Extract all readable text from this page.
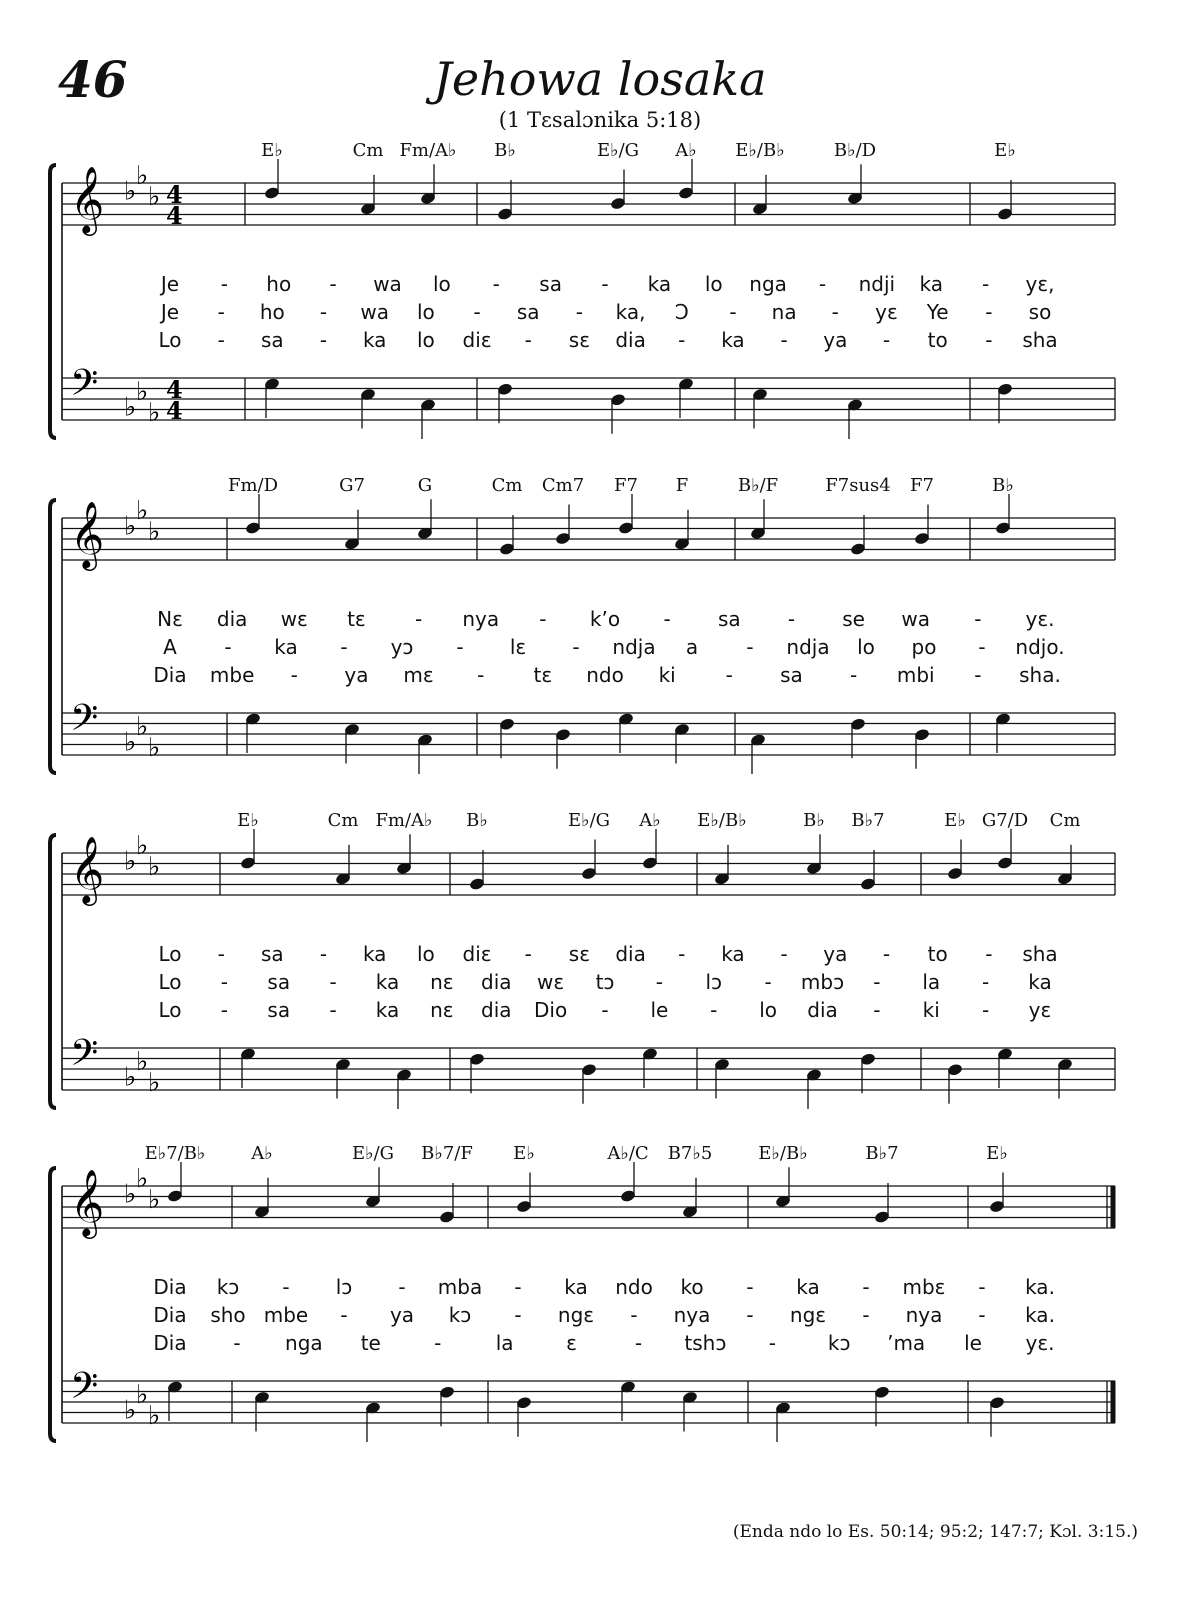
46	Jehowa losaka
(1 Tɛsalɔnika 5:18)
E♭	Cm Fm/A♭ B♭	E♭/G A♭ E♭/B♭	B♭/D	E♭
𝄞 ♭
♭
♭ 4
4
𝄢 ♭
♭
♭
4
4
Je - ho - wa lo - sa - ka lo nga - ndji ka - yɛ,
Je - ho - wa lo - sa - ka, Ɔ - na - yɛ Ye - so
Lo - sa - ka lo diɛ - sɛ dia - ka - ya - to - sha
Fm/D	G7	G	Cm Cm7 F7 F	B♭/F	F7sus4 F7	B♭
𝄞 ♭
♭
♭
𝄢 ♭
♭
♭
Nɛ dia wɛ tɛ - nya - k’o - sa - se wa - yɛ.
A - ka - yɔ - lɛ - ndja a - ndja lo po - ndjo.
Dia mbe - ya mɛ - tɛ ndo ki - sa - mbi - sha.
E♭	Cm Fm/A♭ B♭	E♭/G A♭ E♭/B♭	B♭ B♭7	E♭ G7/D Cm
𝄞 ♭
♭
♭
𝄢 ♭
♭
♭
Lo - sa - ka lo diɛ - sɛ dia - ka - ya - to - sha
Lo - sa - ka nɛ dia wɛ tɔ - lɔ - mbɔ - la - ka
Lo - sa - ka nɛ dia Dio - le - lo dia - ki - yɛ
E♭7/B♭	A♭	E♭/G B♭7/F E♭	A♭/C B7♭5	E♭/B♭	B♭7	E♭
𝄞 ♭
♭
♭
𝄢 ♭
♭
♭
Dia kɔ - lɔ - mba - ka ndo ko - ka - mbɛ - ka.
Dia sho mbe - ya kɔ - ngɛ - nya - ngɛ - nya - ka.
Dia - nga te	-	la	ɛ	- tshɔ -	kɔ ’ma le yɛ.
(Enda ndo lo Es. 50:14; 95:2; 147:7; Kɔl. 3:15.)
